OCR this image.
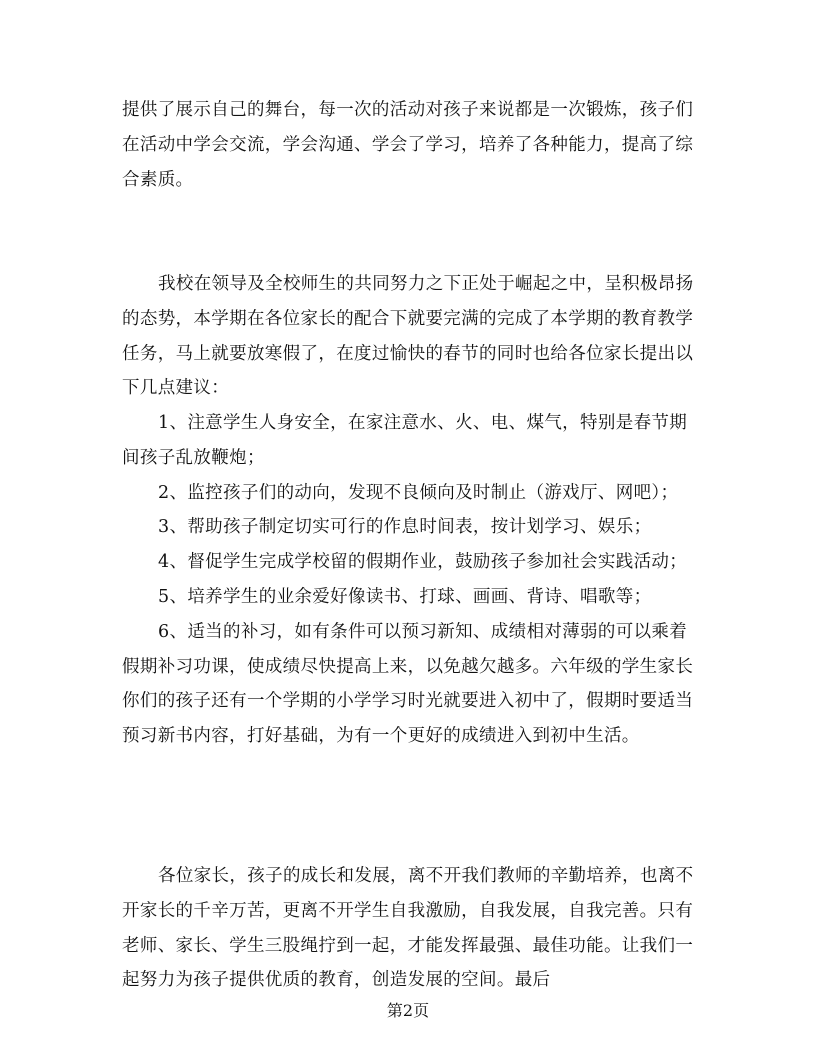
提供了展示自己的舞台，每一次的活动对孩子来说都是一次锻炼，孩子们在活动中学会交流，学会沟通、学会了学习，培养了各种能力，提高了综合素质。

我校在领导及全校师生的共同努力之下正处于崛起之中，呈积极昂扬的态势，本学期在各位家长的配合下就要完满的完成了本学期的教育教学任务，马上就要放寒假了，在度过愉快的春节的同时也给各位家长提出以下几点建议：

1、注意学生人身安全，在家注意水、火、电、煤气，特别是春节期间孩子乱放鞭炮；

2、监控孩子们的动向，发现不良倾向及时制止（游戏厅、网吧）；

3、帮助孩子制定切实可行的作息时间表，按计划学习、娱乐；

4、督促学生完成学校留的假期作业，鼓励孩子参加社会实践活动；

5、培养学生的业余爱好像读书、打球、画画、背诗、唱歌等；

6、适当的补习，如有条件可以预习新知、成绩相对薄弱的可以乘着假期补习功课，使成绩尽快提高上来，以免越欠越多。六年级的学生家长你们的孩子还有一个学期的小学学习时光就要进入初中了，假期时要适当预习新书内容，打好基础，为有一个更好的成绩进入到初中生活。

各位家长，孩子的成长和发展，离不开我们教师的辛勤培养，也离不开家长的千辛万苦，更离不开学生自我激励，自我发展，自我完善。只有老师、家长、学生三股绳拧到一起，才能发挥最强、最佳功能。让我们一起努力为孩子提供优质的教育，创造发展的空间。最后

第2页
